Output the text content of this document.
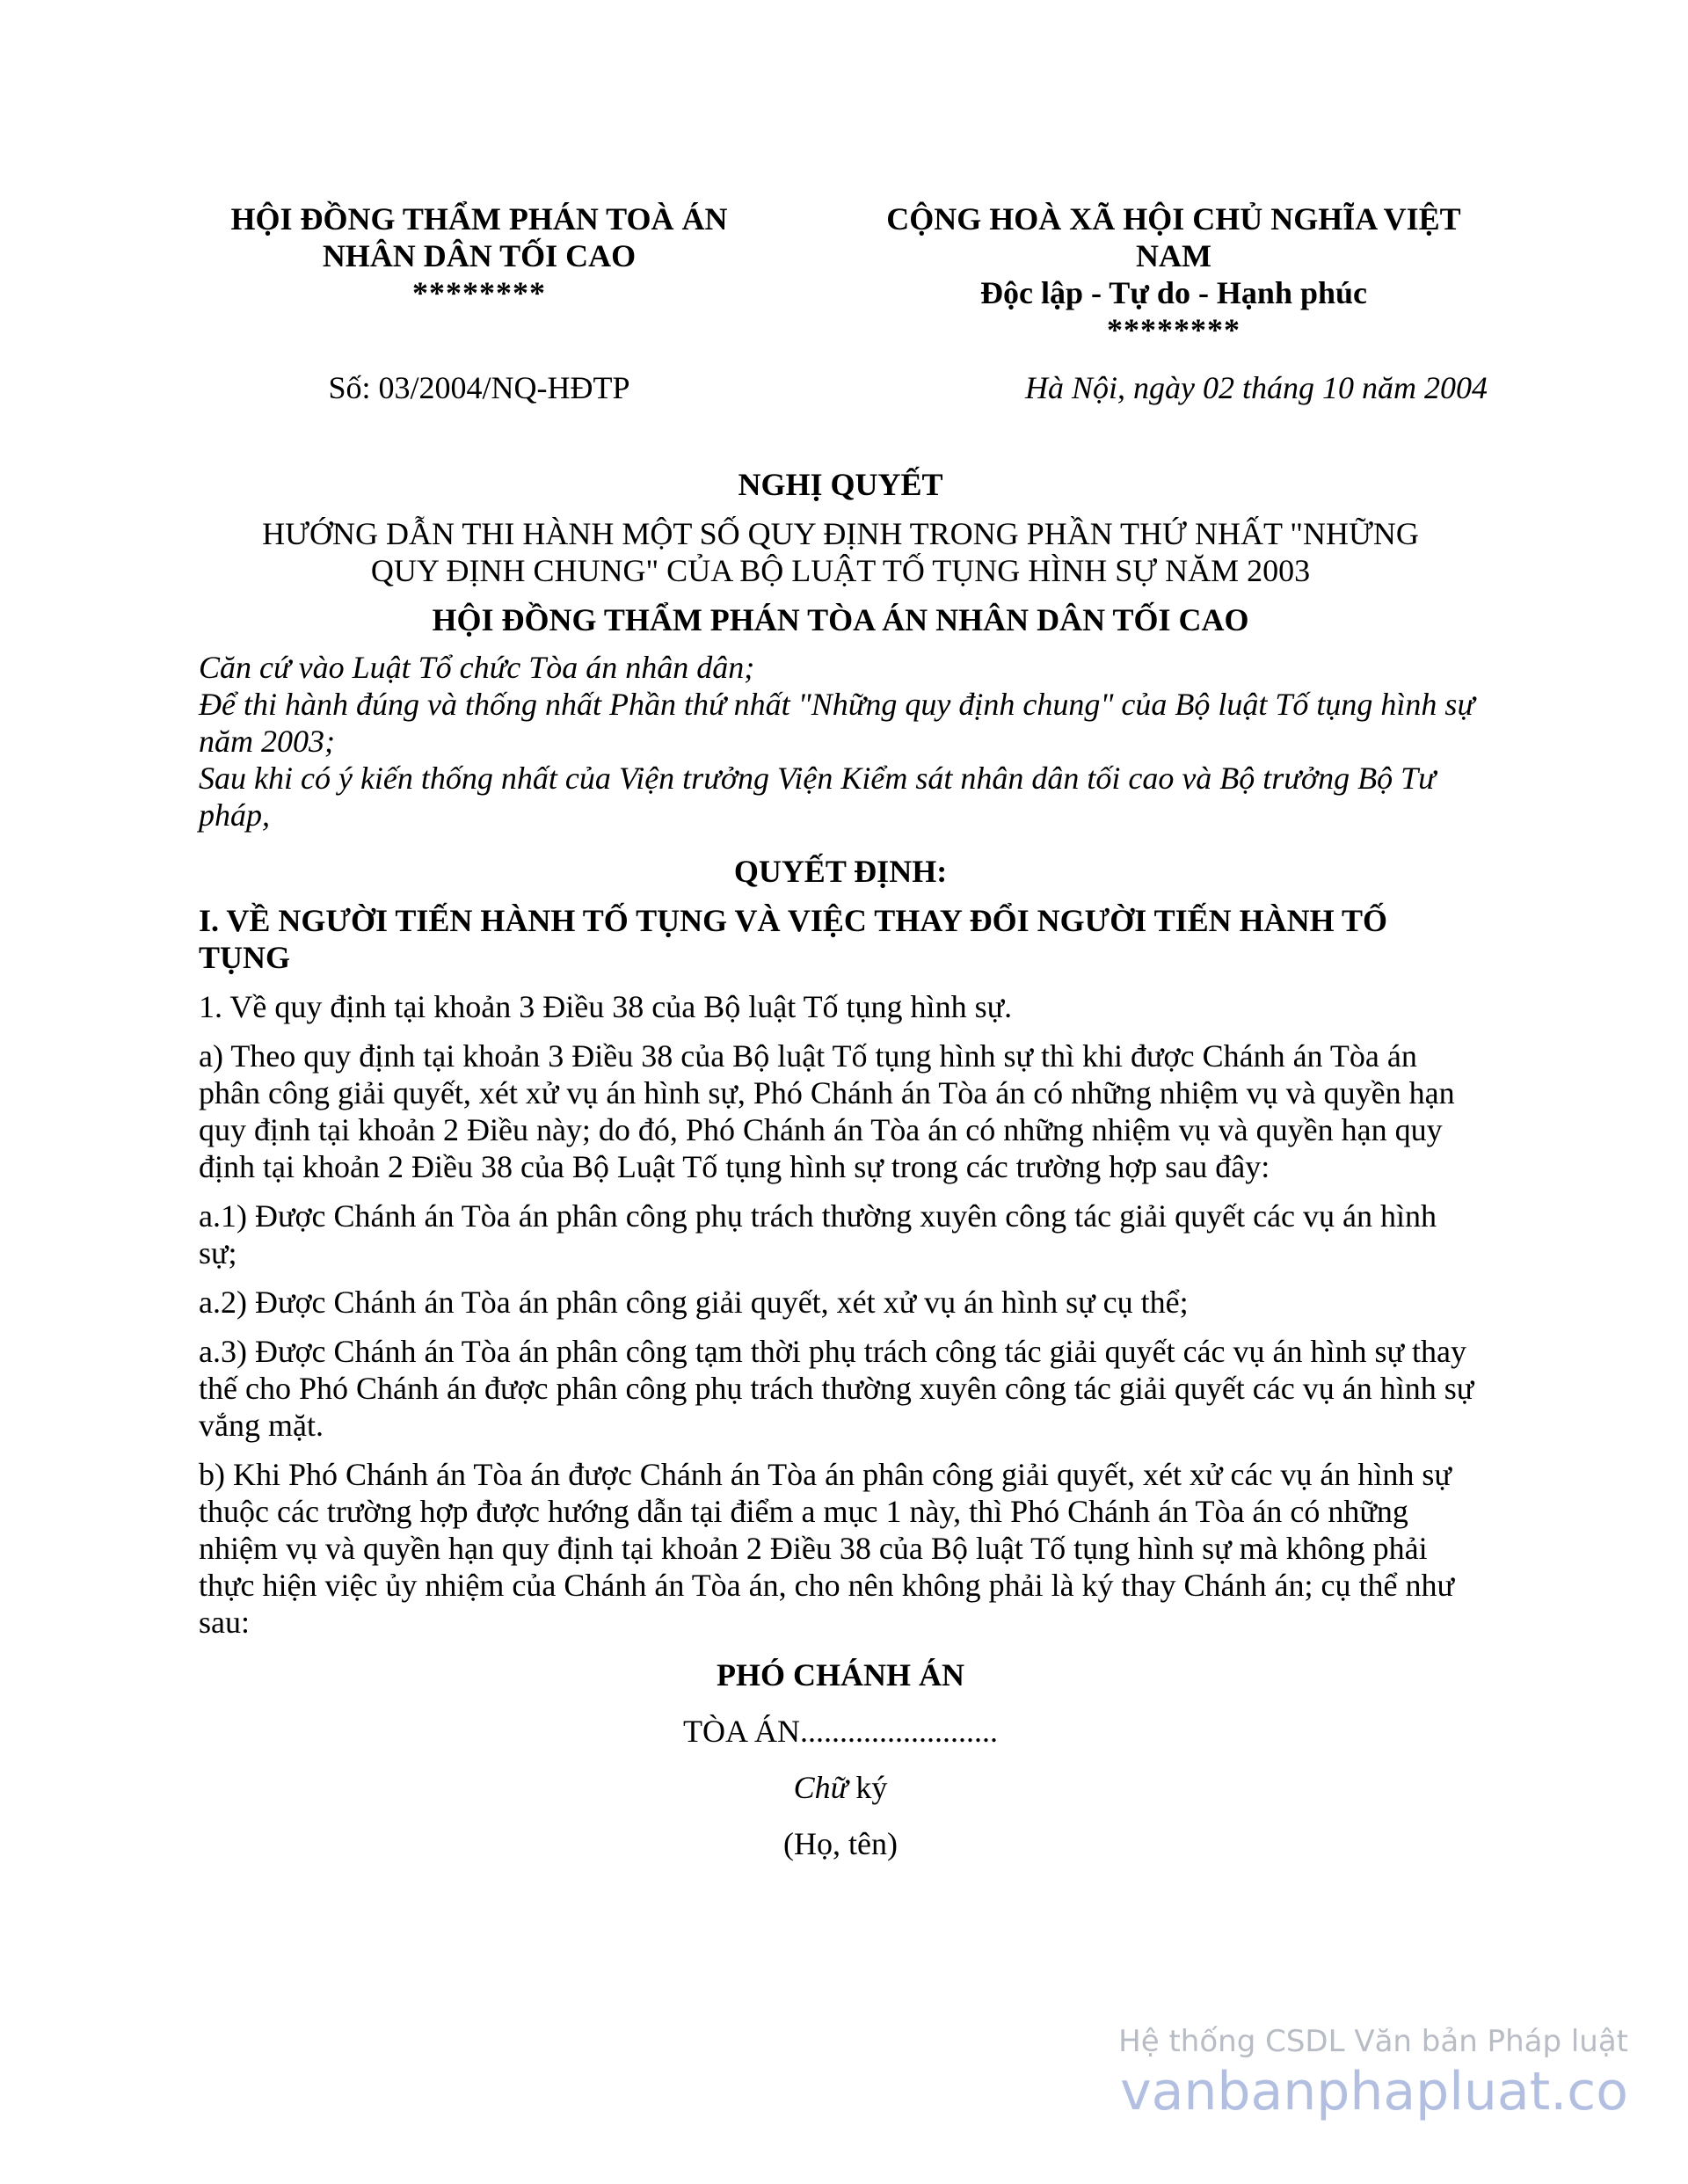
HỘI ĐỒNG THẨM PHÁN TOÀ ÁN
NHÂN DÂN TỐI CAO
********
CỘNG HOÀ XÃ HỘI CHỦ NGHĨA VIỆT
NAM
Độc lập - Tự do - Hạnh phúc
********
Số: 03/2004/NQ-HĐTP	Hà Nội, ngày 02 tháng 10 năm 2004
NGHỊ QUYẾT
HƯỚNG DẪN THI HÀNH MỘT SỐ QUY ĐỊNH TRONG PHẦN THỨ NHẤT "NHỮNG
QUY ĐỊNH CHUNG" CỦA BỘ LUẬT TỐ TỤNG HÌNH SỰ NĂM 2003
HỘI ĐỒNG THẨM PHÁN TÒA ÁN NHÂN DÂN TỐI CAO

Căn cứ vào Luật Tổ chức Tòa án nhân dân;

Để thi hành đúng và thống nhất Phần thứ nhất "Những quy định chung" của Bộ luật Tố tụng hình sự năm 2003;

Sau khi có ý kiến thống nhất của Viện trưởng Viện Kiểm sát nhân dân tối cao và Bộ trưởng Bộ Tư pháp,

QUYẾT ĐỊNH:
I. VỀ NGƯỜI TIẾN HÀNH TỐ TỤNG VÀ VIỆC THAY ĐỔI NGƯỜI TIẾN HÀNH TỐ TỤNG
1. Về quy định tại khoản 3 Điều 38 của Bộ luật Tố tụng hình sự.
a) Theo quy định tại khoản 3 Điều 38 của Bộ luật Tố tụng hình sự thì khi được Chánh án Tòa án phân công giải quyết, xét xử vụ án hình sự, Phó Chánh án Tòa án có những nhiệm vụ và quyền hạn quy định tại khoản 2 Điều này; do đó, Phó Chánh án Tòa án có những nhiệm vụ và quyền hạn quy định tại khoản 2 Điều 38 của Bộ Luật Tố tụng hình sự trong các trường hợp sau đây:
a.1) Được Chánh án Tòa án phân công phụ trách thường xuyên công tác giải quyết các vụ án hình sự;
a.2) Được Chánh án Tòa án phân công giải quyết, xét xử vụ án hình sự cụ thể;
a.3) Được Chánh án Tòa án phân công tạm thời phụ trách công tác giải quyết các vụ án hình sự thay thế cho Phó Chánh án được phân công phụ trách thường xuyên công tác giải quyết các vụ án hình sự vắng mặt.
b) Khi Phó Chánh án Tòa án được Chánh án Tòa án phân công giải quyết, xét xử các vụ án hình sự thuộc các trường hợp được hướng dẫn tại điểm a mục 1 này, thì Phó Chánh án Tòa án có những nhiệm vụ và quyền hạn quy định tại khoản 2 Điều 38 của Bộ luật Tố tụng hình sự mà không phải thực hiện việc ủy nhiệm của Chánh án Tòa án, cho nên không phải là ký thay Chánh án; cụ thể như sau:
PHÓ CHÁNH ÁN
TÒA ÁN.........................
Chữ ký
(Họ, tên)
Hệ thống CSDL Văn bản Pháp luật
vanbanphapluat.co
